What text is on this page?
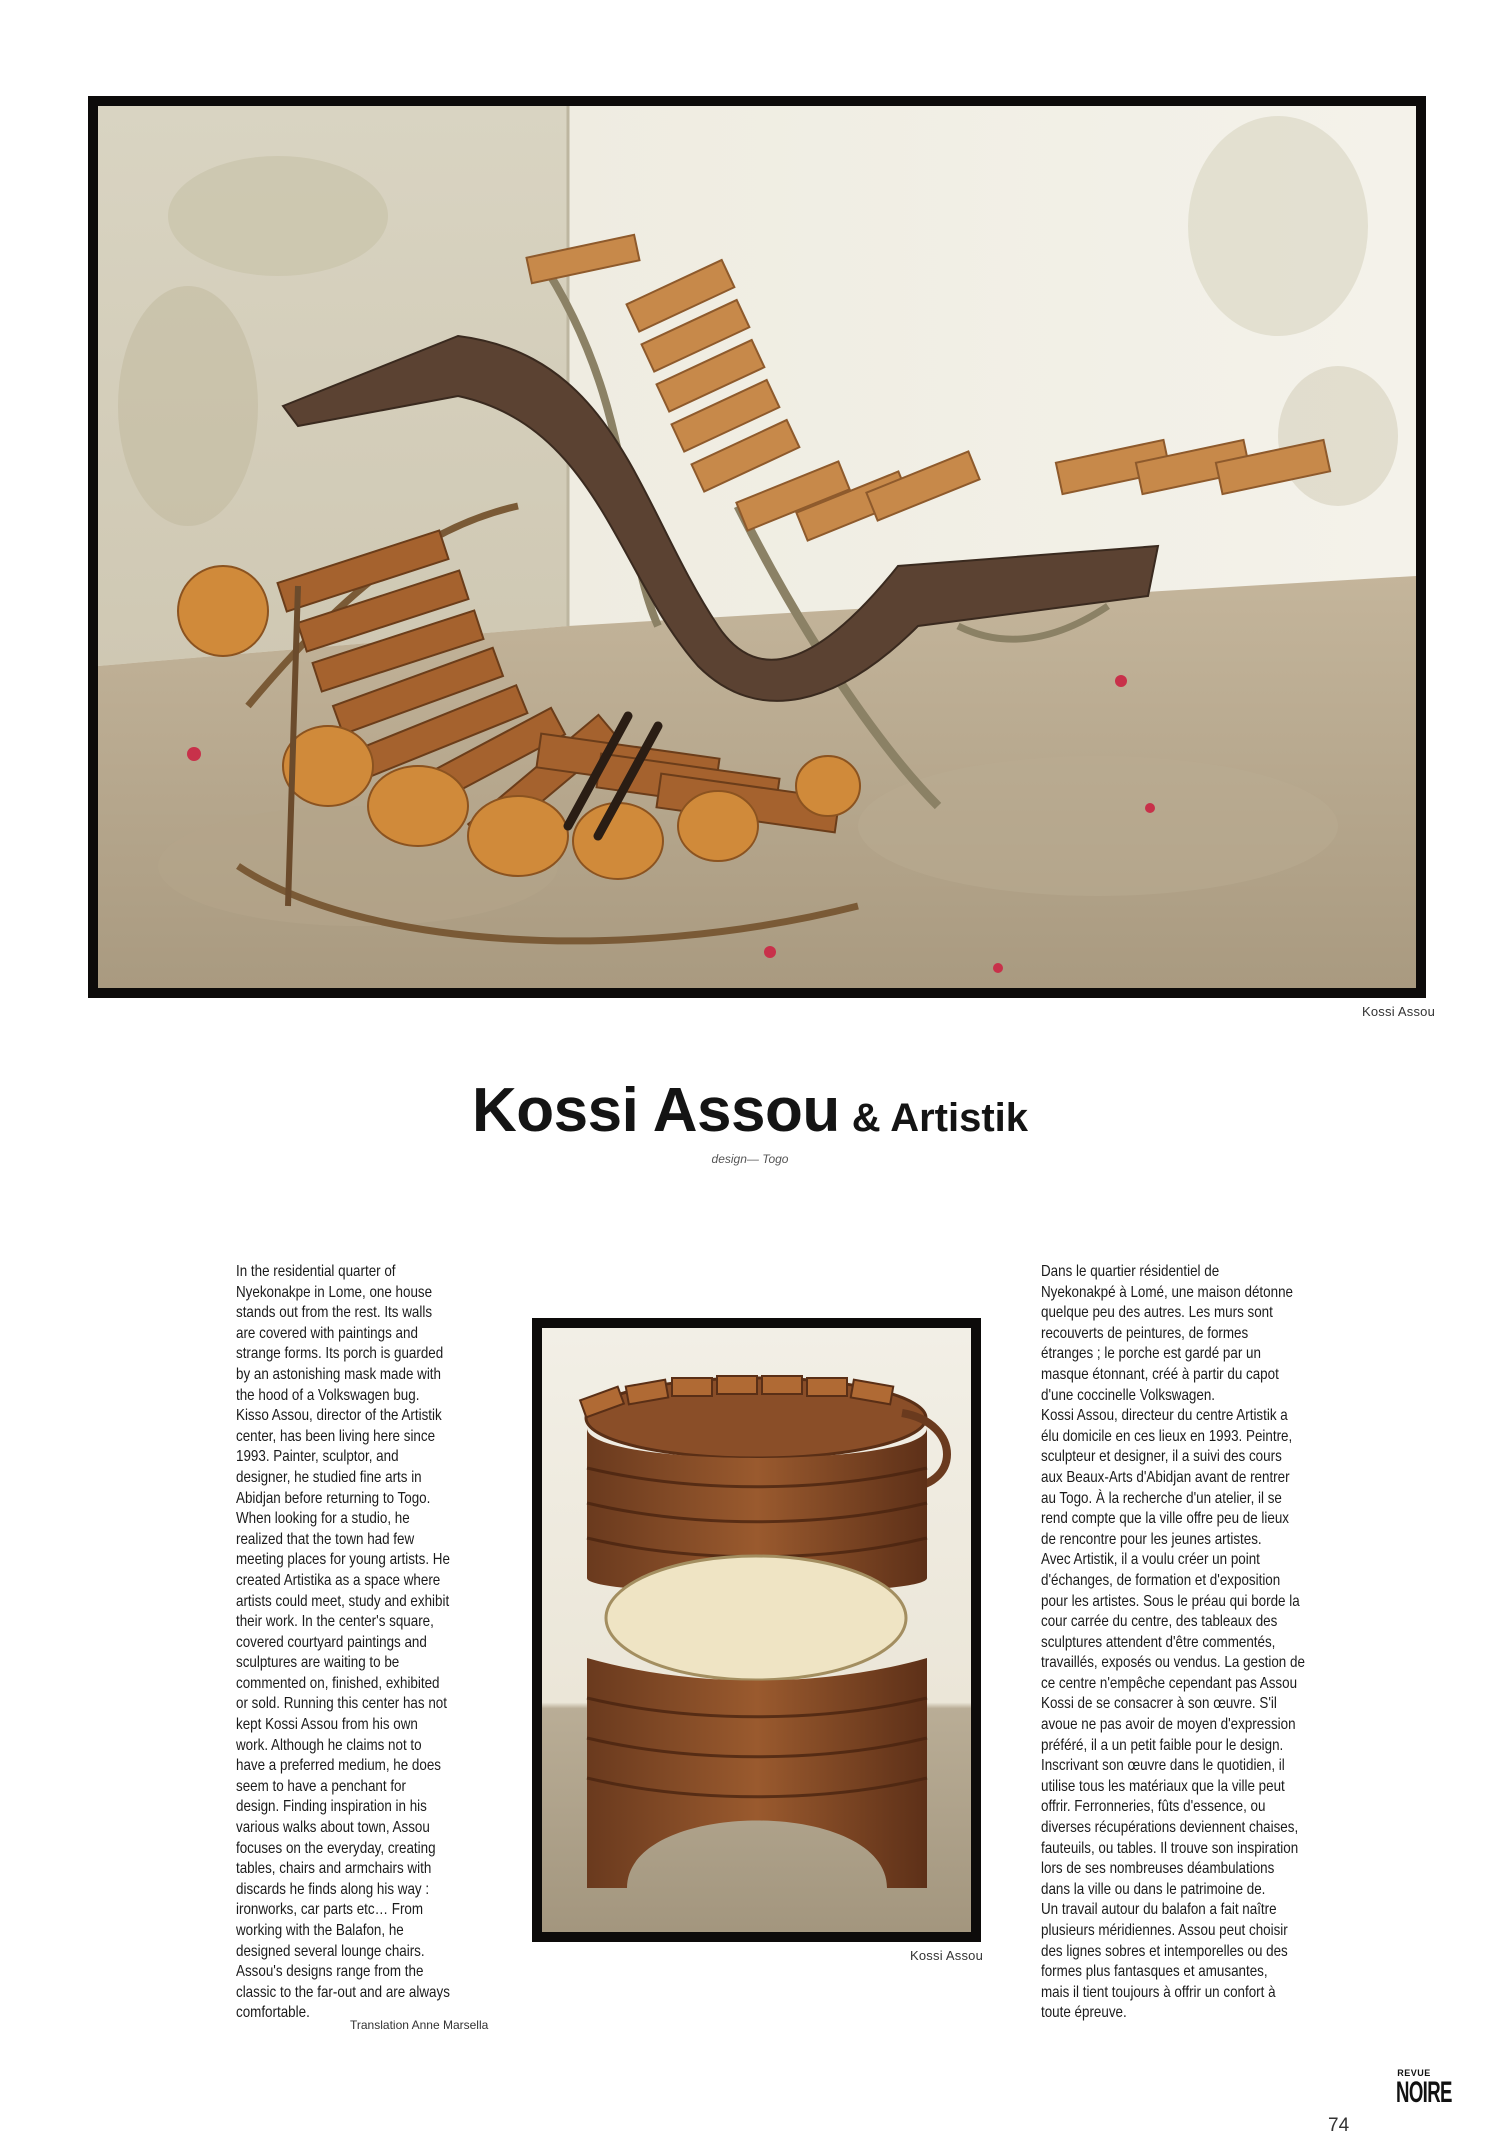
Kossi Assou
Kossi Assou & Artistik
design— Togo

In the residential quarter of Nyekonakpe in Lome, one house stands out from the rest. Its walls are covered with paintings and strange forms. Its porch is guarded by an astonishing mask made with the hood of a Volkswagen bug. Kisso Assou, director of the Artistik center, has been living here since 1993. Painter, sculptor, and designer, he studied fine arts in Abidjan before returning to Togo. When looking for a studio, he realized that the town had few meeting places for young artists. He created Artistika as a space where artists could meet, study and exhibit their work. In the center's square, covered courtyard paintings and sculptures are waiting to be commented on, finished, exhibited or sold. Running this center has not kept Kossi Assou from his own work. Although he claims not to have a preferred medium, he does seem to have a penchant for design. Finding inspiration in his various walks about town, Assou focuses on the everyday, creating tables, chairs and armchairs with discards he finds along his way : ironworks, car parts etc… From working with the Balafon, he designed several lounge chairs. Assou's designs range from the classic to the far-out and are always comfortable.

Translation Anne Marsella
Kossi Assou
Dans le quartier résidentiel de
Nyekonakpé à Lomé, une maison détonne
quelque peu des autres. Les murs sont
recouverts de peintures, de formes
étranges ; le porche est gardé par un
masque étonnant, créé à partir du capot
d'une coccinelle Volkswagen.
Kossi Assou, directeur du centre Artistik a
élu domicile en ces lieux en 1993. Peintre,
sculpteur et designer, il a suivi des cours
aux Beaux-Arts d'Abidjan avant de rentrer
au Togo. À la recherche d'un atelier, il se
rend compte que la ville offre peu de lieux
de rencontre pour les jeunes artistes.
Avec Artistik, il a voulu créer un point
d'échanges, de formation et d'exposition
pour les artistes. Sous le préau qui borde la
cour carrée du centre, des tableaux des
sculptures attendent d'être commentés,
travaillés, exposés ou vendus. La gestion de
ce centre n'empêche cependant pas Assou
Kossi de se consacrer à son œuvre. S'il
avoue ne pas avoir de moyen d'expression
préféré, il a un petit faible pour le design.
Inscrivant son œuvre dans le quotidien, il
utilise tous les matériaux que la ville peut
offrir. Ferronneries, fûts d'essence, ou
diverses récupérations deviennent chaises,
fauteuils, ou tables. Il trouve son inspiration
lors de ses nombreuses déambulations
dans la ville ou dans le patrimoine de.
Un travail autour du balafon a fait naître
plusieurs méridiennes. Assou peut choisir
des lignes sobres et intemporelles ou des
formes plus fantasques et amusantes,
mais il tient toujours à offrir un confort à
toute épreuve.
74
REVUE
NOIRE
